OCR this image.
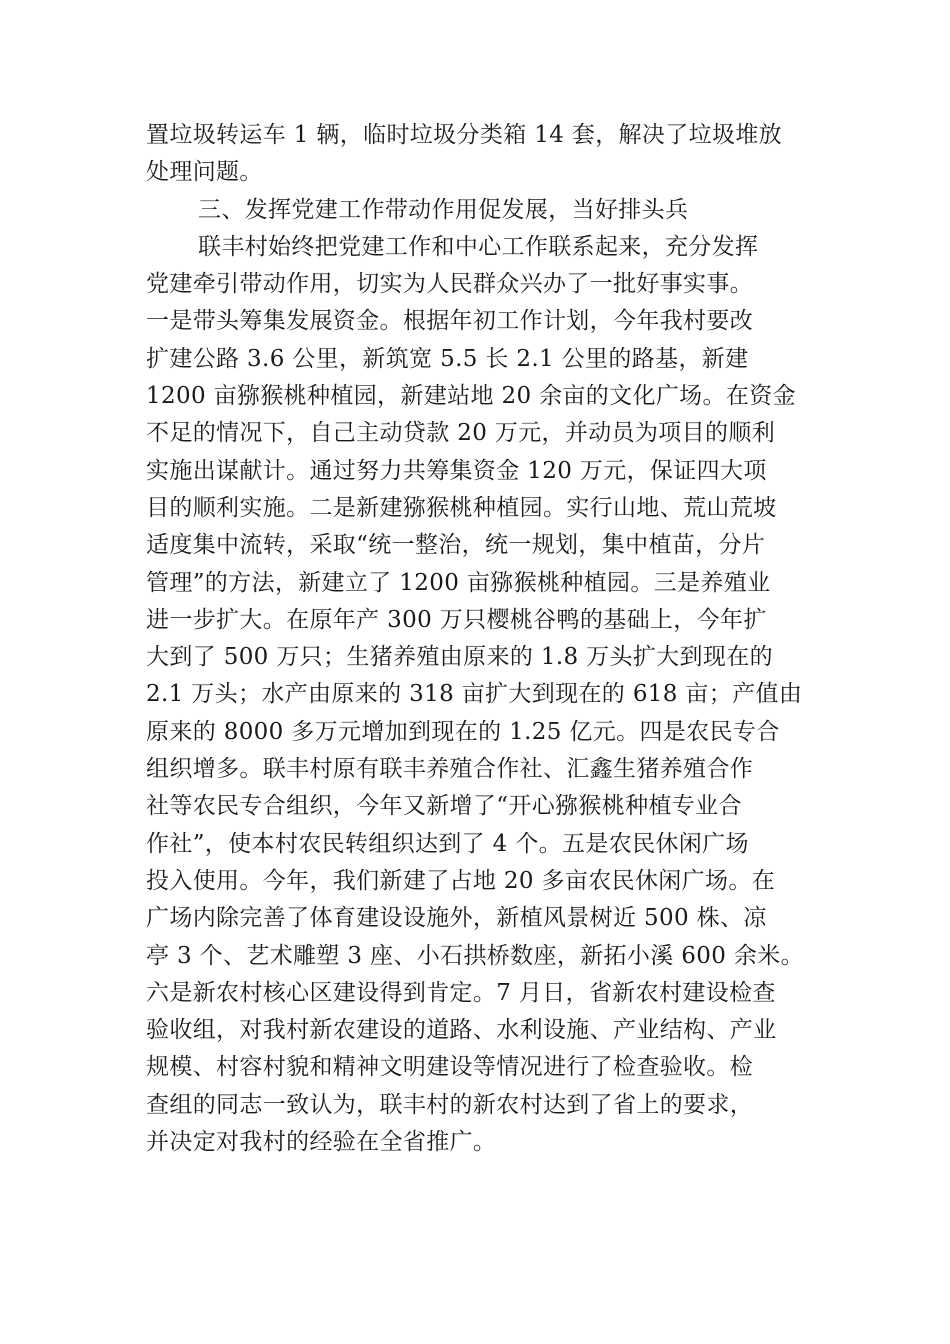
置垃圾转运车 1 辆，临时垃圾分类箱 14 套，解决了垃圾堆放
处理问题。
三、发挥党建工作带动作用促发展，当好排头兵
联丰村始终把党建工作和中心工作联系起来，充分发挥
党建牵引带动作用，切实为人民群众兴办了一批好事实事。
一是带头筹集发展资金。根据年初工作计划，今年我村要改
扩建公路 3.6 公里，新筑宽 5.5 长 2.1 公里的路基，新建
1200 亩猕猴桃种植园，新建站地 20 余亩的文化广场。在资金
不足的情况下，自己主动贷款 20 万元，并动员为项目的顺利
实施出谋献计。通过努力共筹集资金 120 万元，保证四大项
目的顺利实施。二是新建猕猴桃种植园。实行山地、荒山荒坡
适度集中流转，采取“统一整治，统一规划，集中植苗，分片
管理”的方法，新建立了 1200 亩猕猴桃种植园。三是养殖业
进一步扩大。在原年产 300 万只樱桃谷鸭的基础上，今年扩
大到了 500 万只；生猪养殖由原来的 1.8 万头扩大到现在的
2.1 万头；水产由原来的 318 亩扩大到现在的 618 亩；产值由
原来的 8000 多万元增加到现在的 1.25 亿元。四是农民专合
组织增多。联丰村原有联丰养殖合作社、汇鑫生猪养殖合作
社等农民专合组织，今年又新增了“开心猕猴桃种植专业合
作社”，使本村农民转组织达到了 4 个。五是农民休闲广场
投入使用。今年，我们新建了占地 20 多亩农民休闲广场。在
广场内除完善了体育建设设施外，新植风景树近 500 株、凉
亭 3 个、艺术雕塑 3 座、小石拱桥数座，新拓小溪 600 余米。
六是新农村核心区建设得到肯定。7 月日，省新农村建设检查
验收组，对我村新农建设的道路、水利设施、产业结构、产业
规模、村容村貌和精神文明建设等情况进行了检查验收。检
查组的同志一致认为，联丰村的新农村达到了省上的要求，
并决定对我村的经验在全省推广。
